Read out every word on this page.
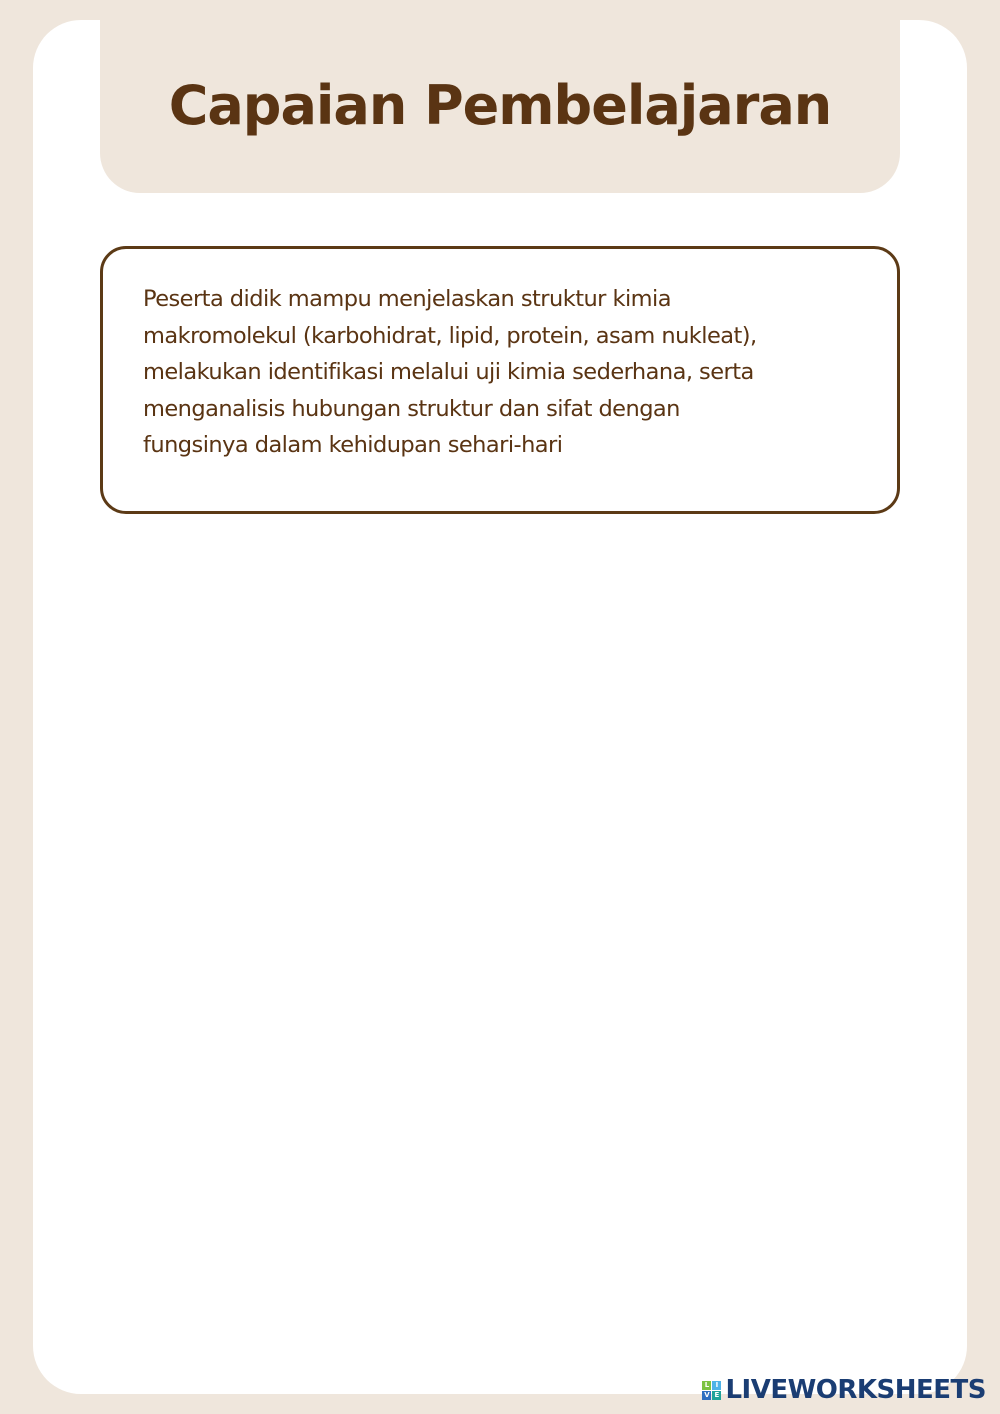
Capaian Pembelajaran

Peserta didik mampu menjelaskan struktur kimia
makromolekul (karbohidrat, lipid, protein, asam nukleat),
melakukan identifikasi melalui uji kimia sederhana, serta
menganalisis hubungan struktur dan sifat dengan
fungsinya dalam kehidupan sehari-hari

L I
V E LIVEWORKSHEETS
